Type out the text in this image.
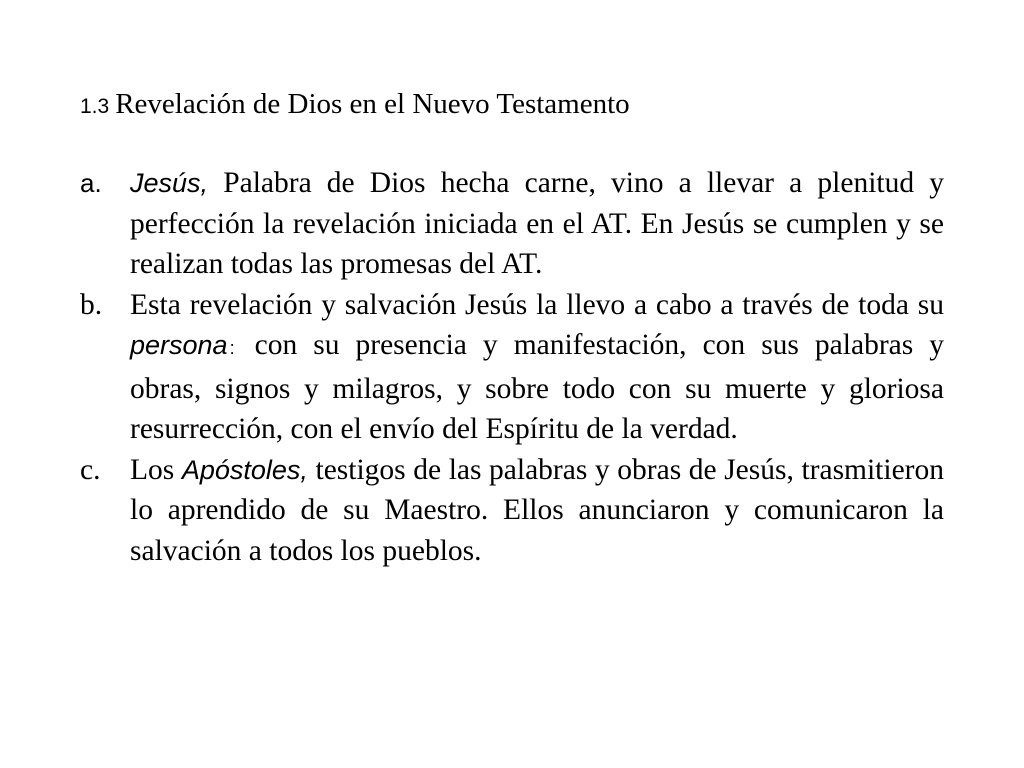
1.3 Revelación de Dios en el Nuevo Testamento
a. Jesús, Palabra de Dios hecha carne, vino a llevar a plenitud y perfección la revelación iniciada en el AT. En Jesús se cumplen y se realizan todas las promesas del AT.
b. Esta revelación y salvación Jesús la llevo a cabo a través de toda su persona : con su presencia y manifestación, con sus palabras y obras, signos y milagros, y sobre todo con su muerte y gloriosa resurrección, con el envío del Espíritu de la verdad.
c. Los Apóstoles, testigos de las palabras y obras de Jesús, trasmitieron lo aprendido de su Maestro. Ellos anunciaron y comunicaron la salvación a todos los pueblos.
